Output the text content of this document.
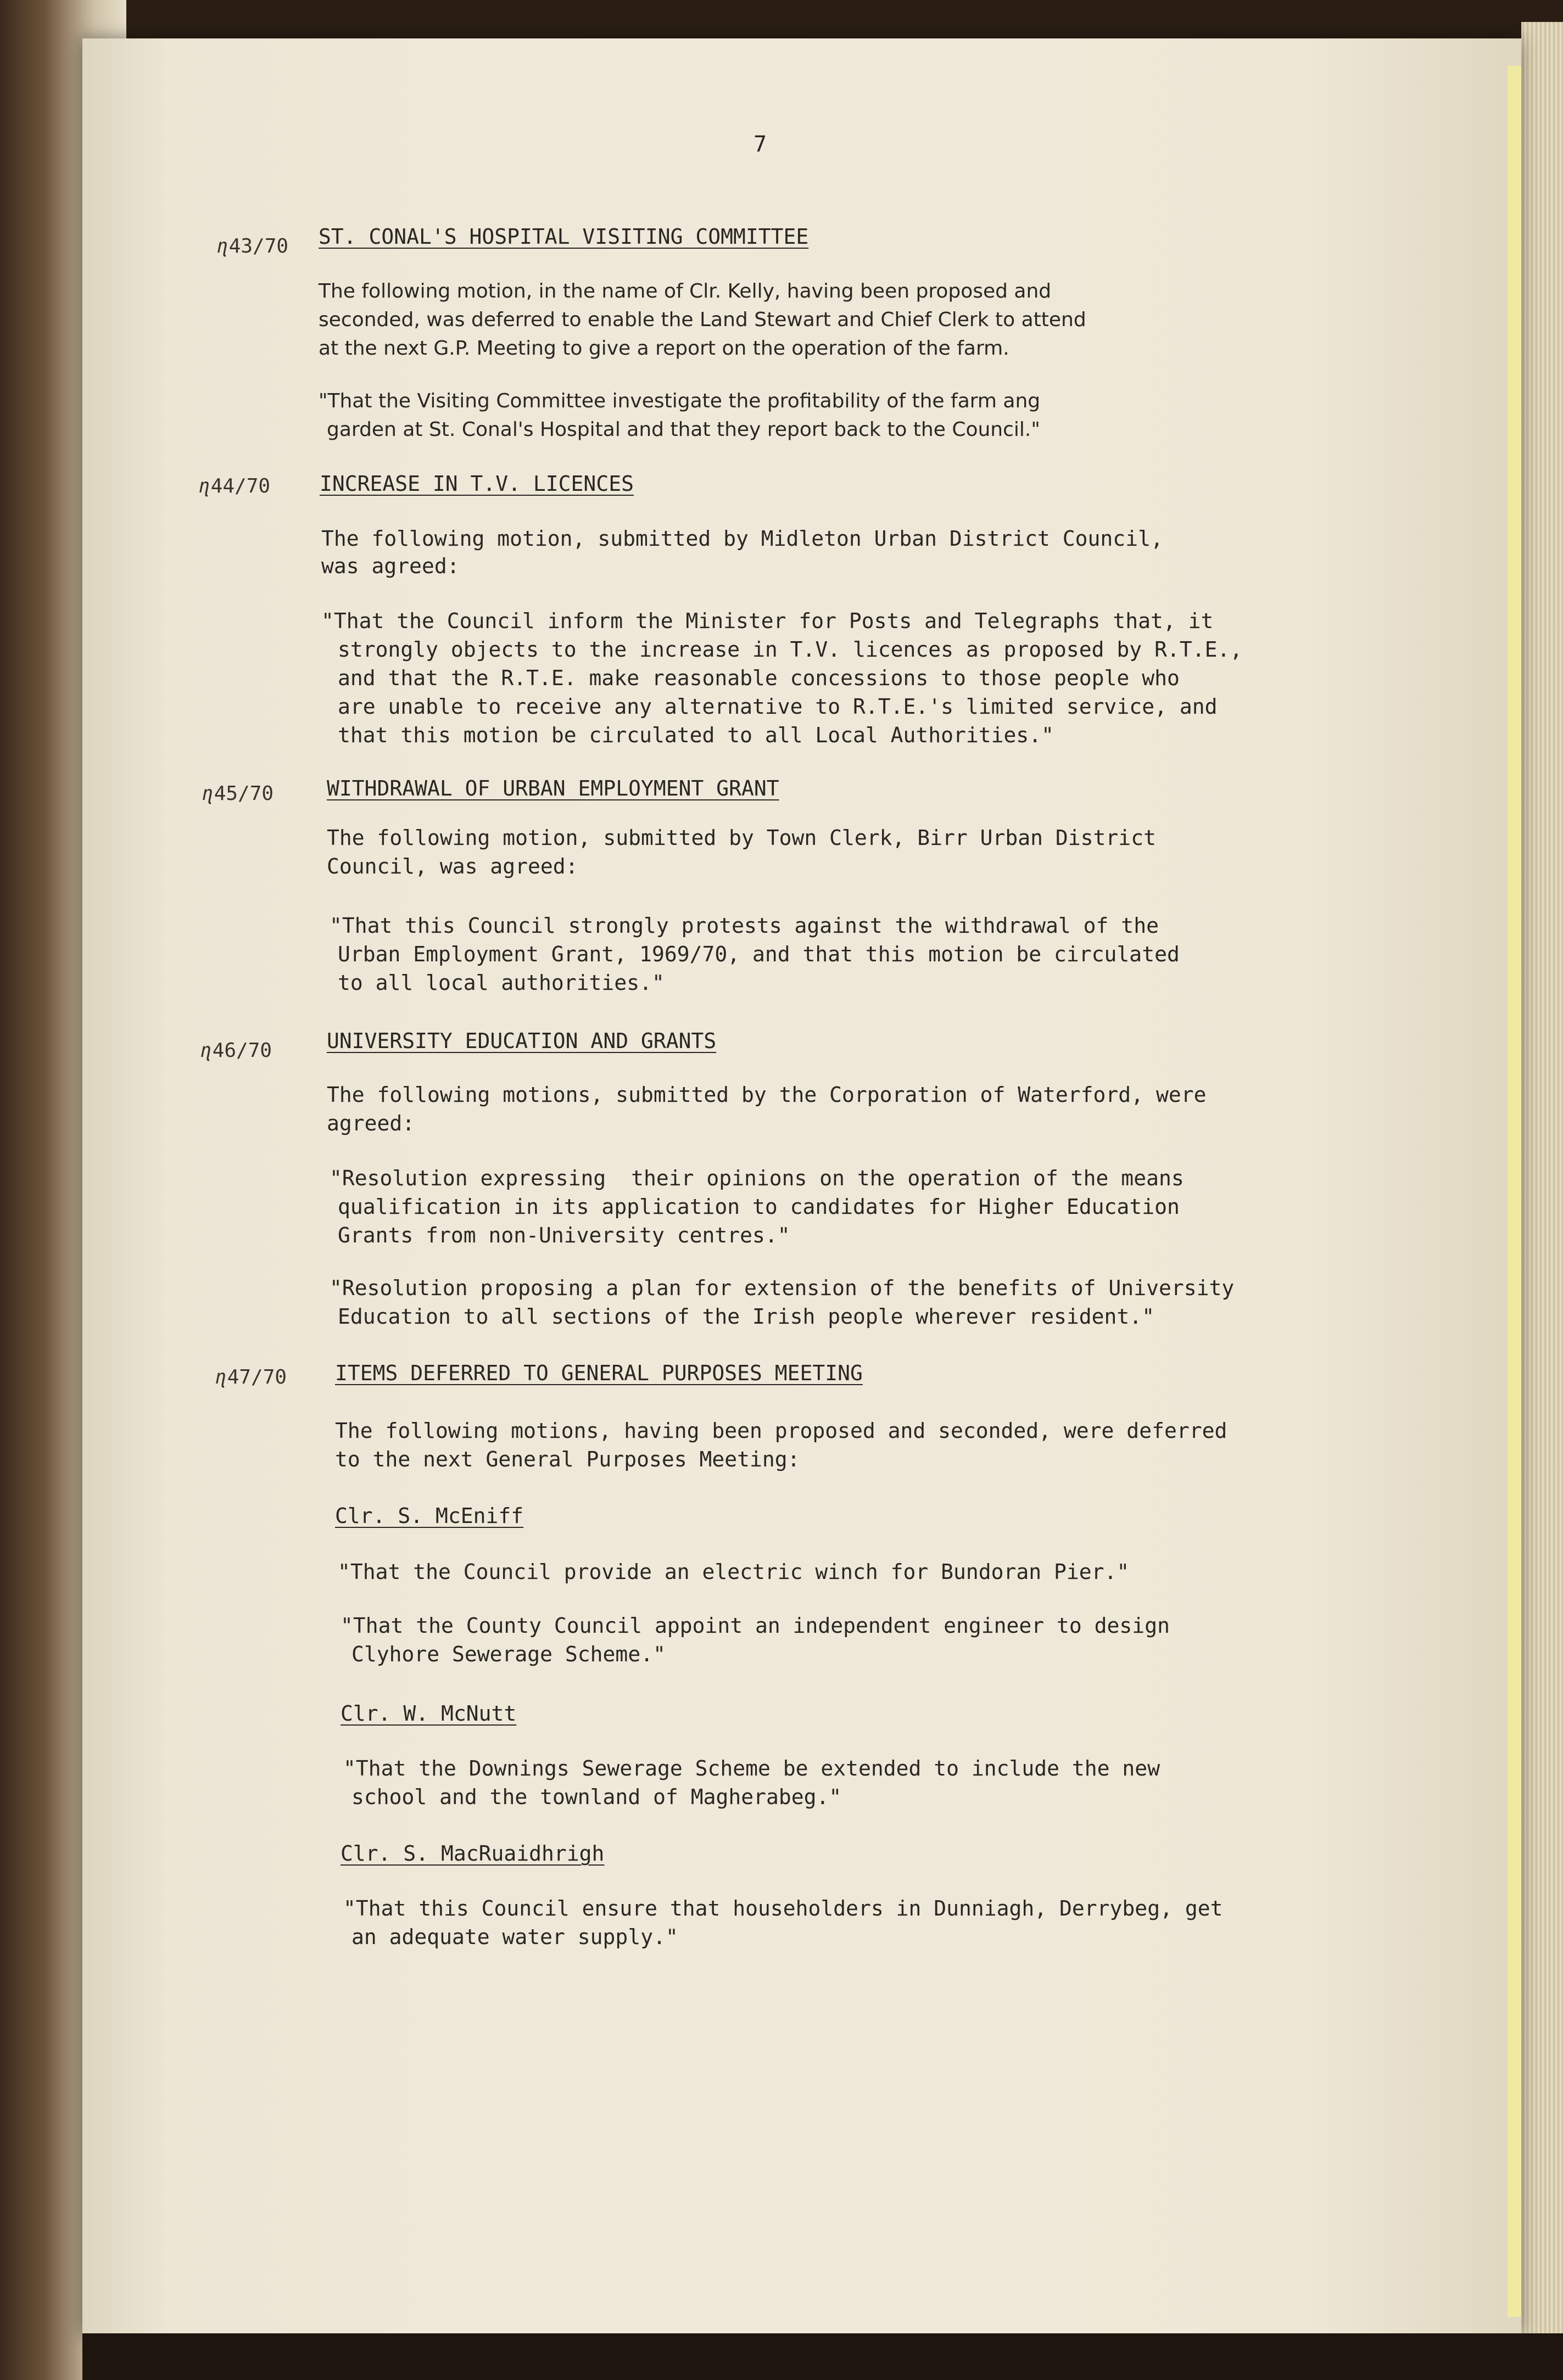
7
ɳ43/70 ST. CONAL'S HOSPITAL VISITING COMMITTEE
The following motion, in the name of Clr. Kelly, having been proposed and
seconded, was deferred to enable the Land Stewart and Chief Clerk to attend
at the next G.P. Meeting to give a report on the operation of the farm.
"That the Visiting Committee investigate the profitability of the farm ang
garden at St. Conal's Hospital and that they report back to the Council."
ɳ44/70 INCREASE IN T.V. LICENCES
The following motion, submitted by Midleton Urban District Council,
was agreed:
"That the Council inform the Minister for Posts and Telegraphs that, it
strongly objects to the increase in T.V. licences as proposed by R.T.E.,
and that the R.T.E. make reasonable concessions to those people who
are unable to receive any alternative to R.T.E.'s limited service, and
that this motion be circulated to all Local Authorities."
ɳ45/70	WITHDRAWAL OF URBAN EMPLOYMENT GRANT
The following motion, submitted by Town Clerk, Birr Urban District
Council, was agreed:
"That this Council strongly protests against the withdrawal of the
Urban Employment Grant, 1969/70, and that this motion be circulated
to all local authorities."
ɳ46/70	UNIVERSITY EDUCATION AND GRANTS
The following motions, submitted by the Corporation of Waterford, were
agreed:
"Resolution expressing  their opinions on the operation of the means
qualification in its application to candidates for Higher Education
Grants from non-University centres."
"Resolution proposing a plan for extension of the benefits of University
Education to all sections of the Irish people wherever resident."
ɳ47/70 ITEMS DEFERRED TO GENERAL PURPOSES MEETING
The following motions, having been proposed and seconded, were deferred
to the next General Purposes Meeting:
Clr. S. McEniff
"That the Council provide an electric winch for Bundoran Pier."
"That the County Council appoint an independent engineer to design
Clyhore Sewerage Scheme."
Clr. W. McNutt
"That the Downings Sewerage Scheme be extended to include the new
school and the townland of Magherabeg."
Clr. S. MacRuaidhrigh
"That this Council ensure that householders in Dunniagh, Derrybeg, get
an adequate water supply."
